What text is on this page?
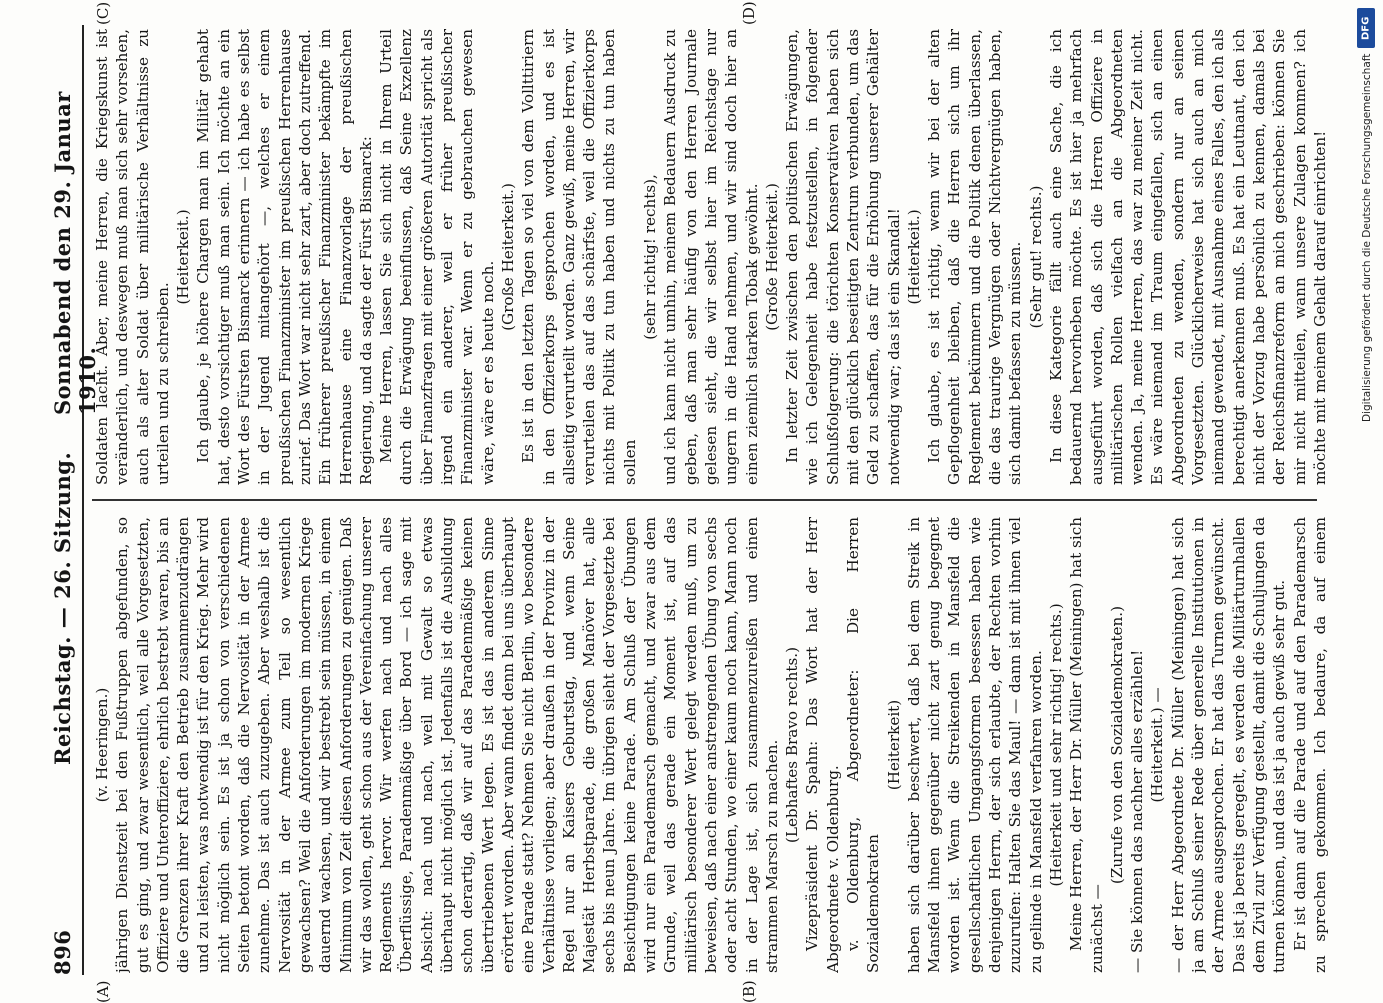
896
Reichstag. — 26. Sitzung.
Sonnabend den 29. Januar 1910.
(A)	(B)
(C)	(D)

(v. Heeringen.) jährigen Dienstzeit bei den Fußtruppen abgefunden, so gut es ging, und zwar wesentlich, weil alle Vorgesetzten, Offiziere und Unteroffiziere, ehrlich bestrebt waren, bis an die Grenzen ihrer Kraft den Betrieb zusammenzudrängen und zu leisten, was notwendig ist für den Krieg. Mehr wird nicht möglich sein. Es ist ja schon von verschiedenen Seiten betont worden, daß die Nervosität in der Armee zunehme. Das ist auch zuzugeben. Aber weshalb ist die Nervosität in der Armee zum Teil so wesentlich gewachsen? Weil die Anforderungen im modernen Kriege dauernd wachsen, und wir bestrebt sein müssen, in einem Minimum von Zeit diesen Anforderungen zu genügen. Daß wir das wollen, geht schon aus der Vereinfachung unserer Reglements hervor. Wir werfen nach und nach alles Überflüssige, Paradenmäßige über Bord — ich sage mit Absicht: nach und nach, weil mit Gewalt so etwas überhaupt nicht möglich ist. Jedenfalls ist die Ausbildung schon derartig, daß wir auf das Paradenmäßige keinen übertriebenen Wert legen. Es ist das in anderem Sinne erörtert worden. Aber wann findet denn bei uns überhaupt eine Parade statt? Nehmen Sie nicht Berlin, wo besondere Verhältnisse vorliegen; aber draußen in der Provinz in der Regel nur an Kaisers Geburtstag, und wenn Seine Majestät Herbstparade, die großen Manöver hat, alle sechs bis neun Jahre. Im übrigen sieht der Vorgesetzte bei Besichtigungen keine Parade. Am Schluß der Übungen wird nur ein Parademarsch gemacht, und zwar aus dem Grunde, weil das gerade ein Moment ist, auf das militärisch besonderer Wert gelegt werden muß, um zu beweisen, daß nach einer anstrengenden Übung von sechs oder acht Stunden, wo einer kaum noch kann, Mann noch in der Lage ist, sich zusammenzureißen und einen strammen Marsch zu machen. (Lebhaftes Bravo rechts.) Vizepräsident Dr. Spahn: Das Wort hat der Herr Abgeordnete v. Oldenburg. v. Oldenburg, Abgeordneter: Die Herren Sozialdemokraten

(Heiterkeit) haben sich darüber beschwert, daß bei dem Streik in Mansfeld ihnen gegenüber nicht zart genug begegnet worden ist. Wenn die Streikenden in Mansfeld die gesellschaftlichen Umgangsformen besessen haben wie denjenigen Herrn, der sich erlaubte, der Rechten vorhin zuzurufen: Halten Sie das Maul! — dann ist mit ihnen viel zu gelinde in Mansfeld verfahren worden. (Heiterkeit und sehr richtig! rechts.) Meine Herren, der Herr Dr. Müller (Meiningen) hat sich zunächst —

(Zurufe von den Sozialdemokraten.) — Sie können das nachher alles erzählen! (Heiterkeit.) — — der Herr Abgeordnete Dr. Müller (Meiningen) hat sich ja am Schluß seiner Rede über generelle Institutionen in der Armee ausgesprochen. Er hat das Turnen gewünscht. Das ist ja bereits geregelt, es werden die Militärturnhallen dem Zivil zur Verfügung gestellt, damit die Schuljungen da turnen können, und das ist ja auch gewiß sehr gut. Er ist dann auf die Parade und auf den Parademarsch zu sprechen gekommen. Ich bedaure, da auf einem

Soldaten lacht. Aber, meine Herren, die Kriegskunst ist veränderlich, und deswegen muß man sich sehr vorsehen, auch als alter Soldat über militärische Verhältnisse zu urteilen und zu schreiben.

(Heiterkeit.) Ich glaube, je höhere Chargen man im Militär gehabt hat, desto vorsichtiger muß man sein. Ich möchte an ein Wort des Fürsten Bismarck erinnern — ich habe es selbst in der Jugend mitangehört —, welches er einem preußischen Finanzminister im preußischen Herrenhause zurief. Das Wort war nicht sehr zart, aber doch zutreffend. Ein früherer preußischer Finanzminister bekämpfte im Herrenhause eine Finanzvorlage der preußischen Regierung, und da sagte der Fürst Bismarck: Meine Herren, lassen Sie sich nicht in Ihrem Urteil durch die Erwägung beeinflussen, daß Seine Exzellenz über Finanzfragen mit einer größeren Autorität spricht als irgend ein anderer, weil er früher preußischer Finanzminister war. Wenn er zu gebrauchen gewesen wäre, wäre er es heute noch.

(Große Heiterkeit.) Es ist in den letzten Tagen so viel von dem Vollttiriern in den Offizierkorps gesprochen worden, und es ist allseitig verurteilt worden. Ganz gewiß, meine Herren, wir verurteilen das auf das schärfste, weil die Offizierkorps nichts mit Politik zu tun haben und nichts zu tun haben sollen

(sehr richtig! rechts), und ich kann nicht umhin, meinem Bedauern Ausdruck zu geben, daß man sehr häufig von den Herren Journale gelesen sieht, die wir selbst hier im Reichstage nur ungern in die Hand nehmen, und wir sind doch hier an einen ziemlich starken Tobak gewöhnt. (Große Heiterkeit.) In letzter Zeit zwischen den politischen Erwägungen, wie ich Gelegenheit habe festzustellen, in folgender Schlußfolgerung: die törichten Konservativen haben sich mit den glücklich beseitigten Zentrum verbunden, um das Geld zu schaffen, das für die Erhöhung unserer Gehälter notwendig war; das ist ein Skandal! (Heiterkeit.) Ich glaube, es ist richtig, wenn wir bei der alten Gepflogenheit bleiben, daß die Herren sich um ihr Reglement bekümmern und die Politik denen überlassen, die das traurige Vergnügen oder Nichtvergnügen haben, sich damit befassen zu müssen. (Sehr gut! rechts.) In diese Kategorie fällt auch eine Sache, die ich bedauernd hervorheben möchte. Es ist hier ja mehrfach ausgeführt worden, daß sich die Herren Offiziere in militärischen Rollen vielfach an die Abgeordneten wenden. Ja, meine Herren, das war zu meiner Zeit nicht. Es wäre niemand im Traum eingefallen, sich an einen Abgeordneten zu wenden, sondern nur an seinen Vorgesetzten. Glücklicherweise hat sich auch an mich niemand gewendet, mit Ausnahme eines Falles, den ich als berechtigt anerkennen muß. Es hat ein Leutnant, den ich nicht der Vorzug habe persönlich zu kennen, damals bei der Reichsfinanzreform an mich geschrieben: können Sie mir nicht mitteilen, wann unsere Zulagen kommen? ich möchte mit meinem Gehalt darauf einrichten!

DFG
Digitalisierung gefördert durch die Deutsche Forschungsgemeinschaft
